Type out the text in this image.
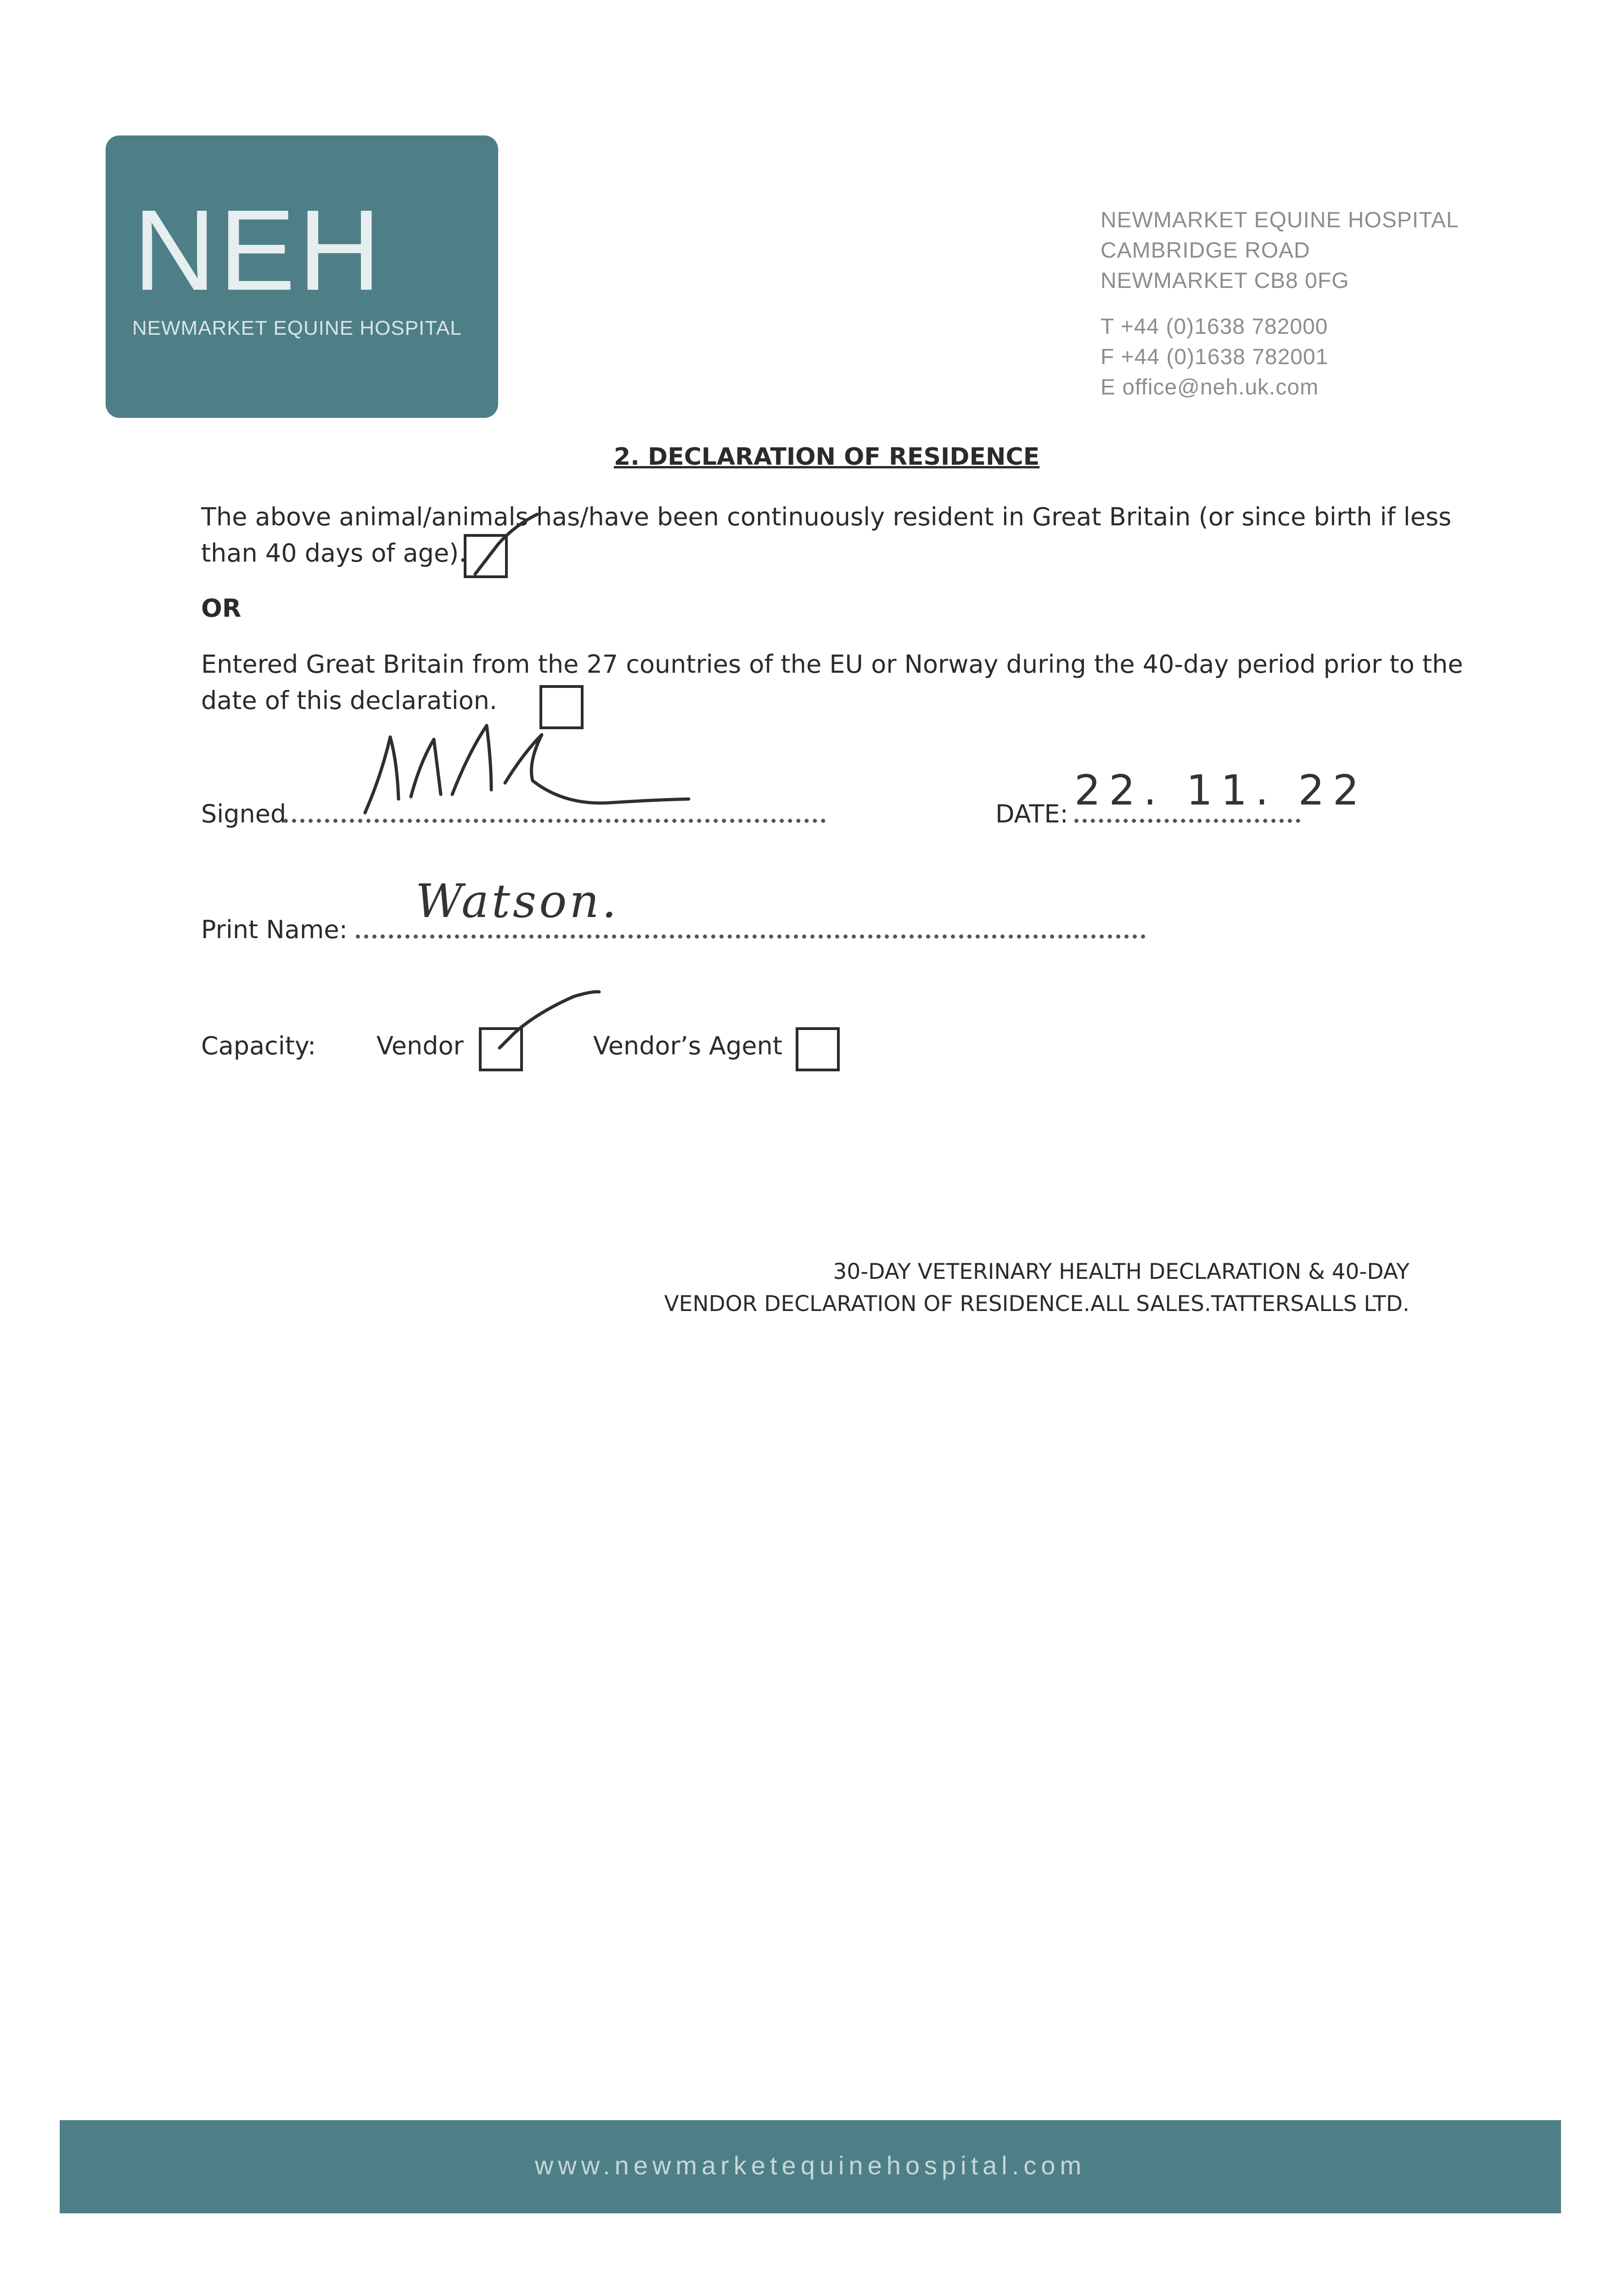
NEH
NEWMARKET EQUINE HOSPITAL
NEWMARKET EQUINE HOSPITAL
CAMBRIDGE ROAD
NEWMARKET CB8 0FG
T +44 (0)1638 782000
F +44 (0)1638 782001
E office@neh.uk.com
2. DECLARATION OF RESIDENCE
The above animal/animals has/have been continuously resident in Great Britain (or since birth if less
than 40 days of age).
OR
Entered Great Britain from the 27 countries of the EU or Norway during the 40-day period prior to the
date of this declaration.
Signed	DATE: 22. 11. 22
Print Name:
Watson.
Capacity: Vendor	Vendor’s Agent
30-DAY VETERINARY HEALTH DECLARATION & 40-DAY
VENDOR DECLARATION OF RESIDENCE.ALL SALES.TATTERSALLS LTD.
www.newmarketequinehospital.com
